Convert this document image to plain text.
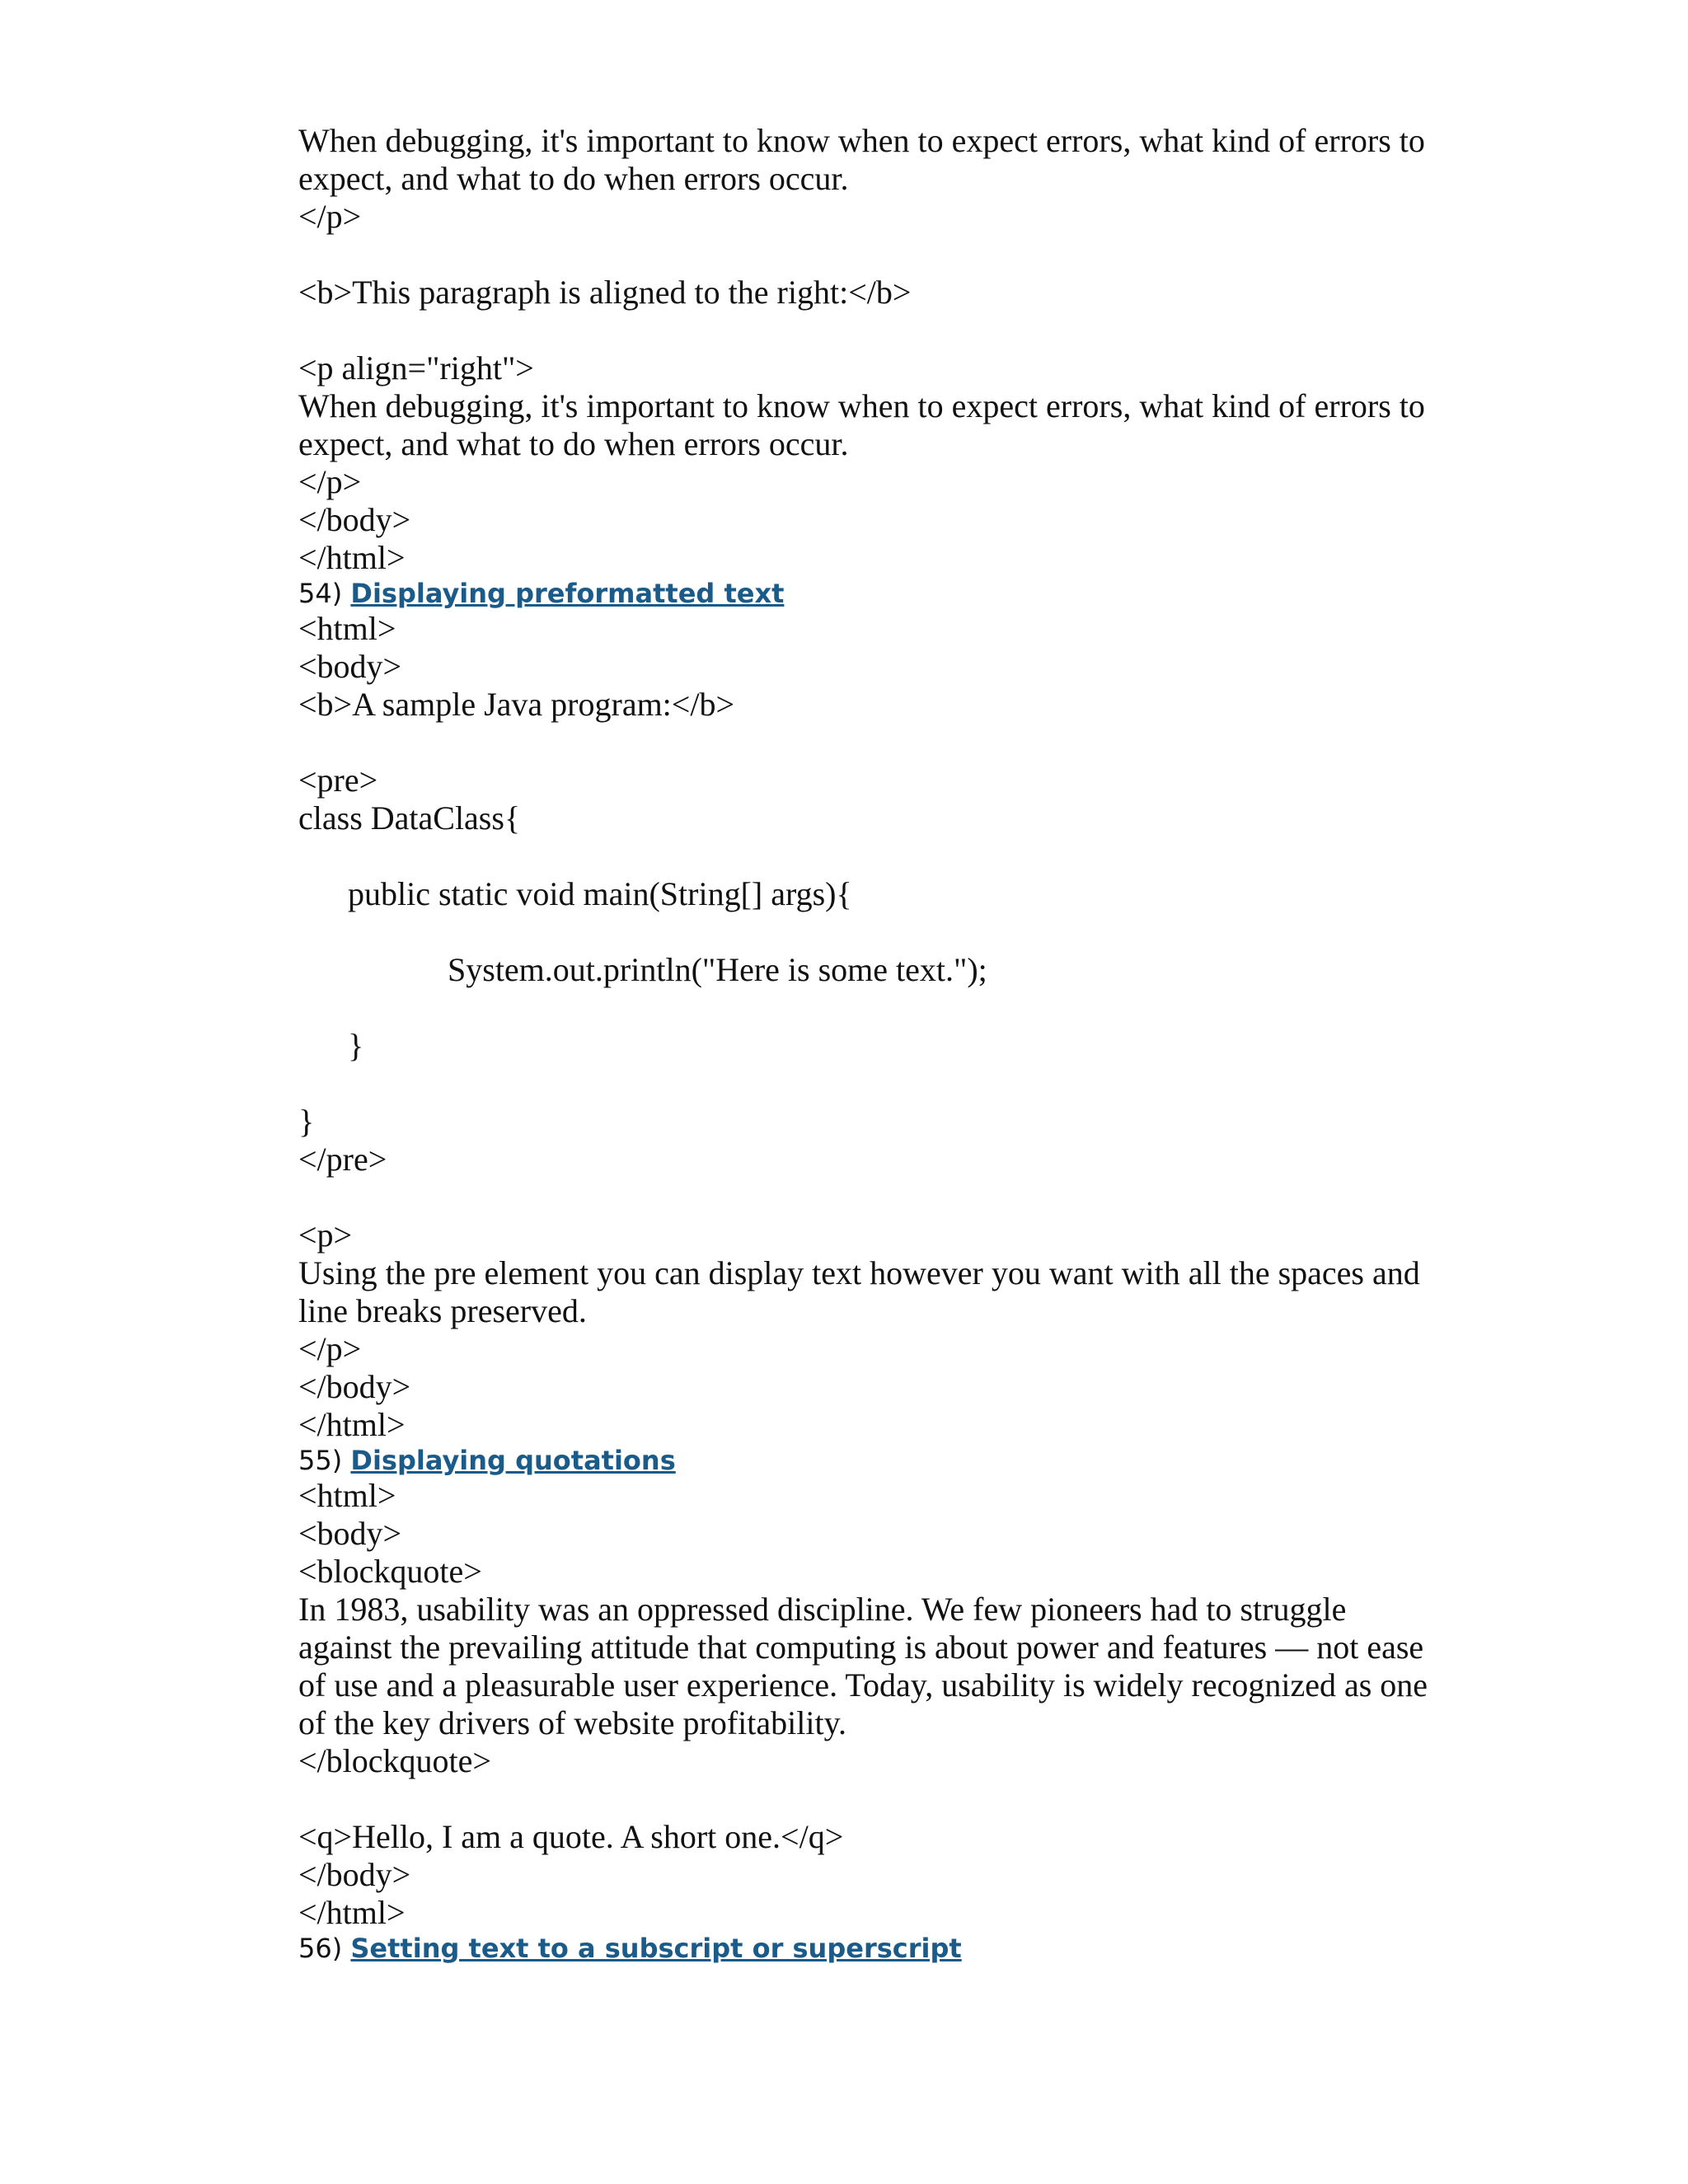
When debugging, it's important to know when to expect errors, what kind of errors to
expect, and what to do when errors occur.
</p>
<b>This paragraph is aligned to the right:</b>
<p align="right">
When debugging, it's important to know when to expect errors, what kind of errors to
expect, and what to do when errors occur.
</p>
</body>
</html>
54) Displaying preformatted text
<html>
<body>
<b>A sample Java program:</b>
<pre>
class DataClass{
public static void main(String[] args){
System.out.println("Here is some text.");
}
}
</pre>
<p>
Using the pre element you can display text however you want with all the spaces and
line breaks preserved.
</p>
</body>
</html>
55) Displaying quotations
<html>
<body>
<blockquote>
In 1983, usability was an oppressed discipline. We few pioneers had to struggle
against the prevailing attitude that computing is about power and features — not ease
of use and a pleasurable user experience. Today, usability is widely recognized as one
of the key drivers of website profitability.
</blockquote>
<q>Hello, I am a quote. A short one.</q>
</body>
</html>
56) Setting text to a subscript or superscript
